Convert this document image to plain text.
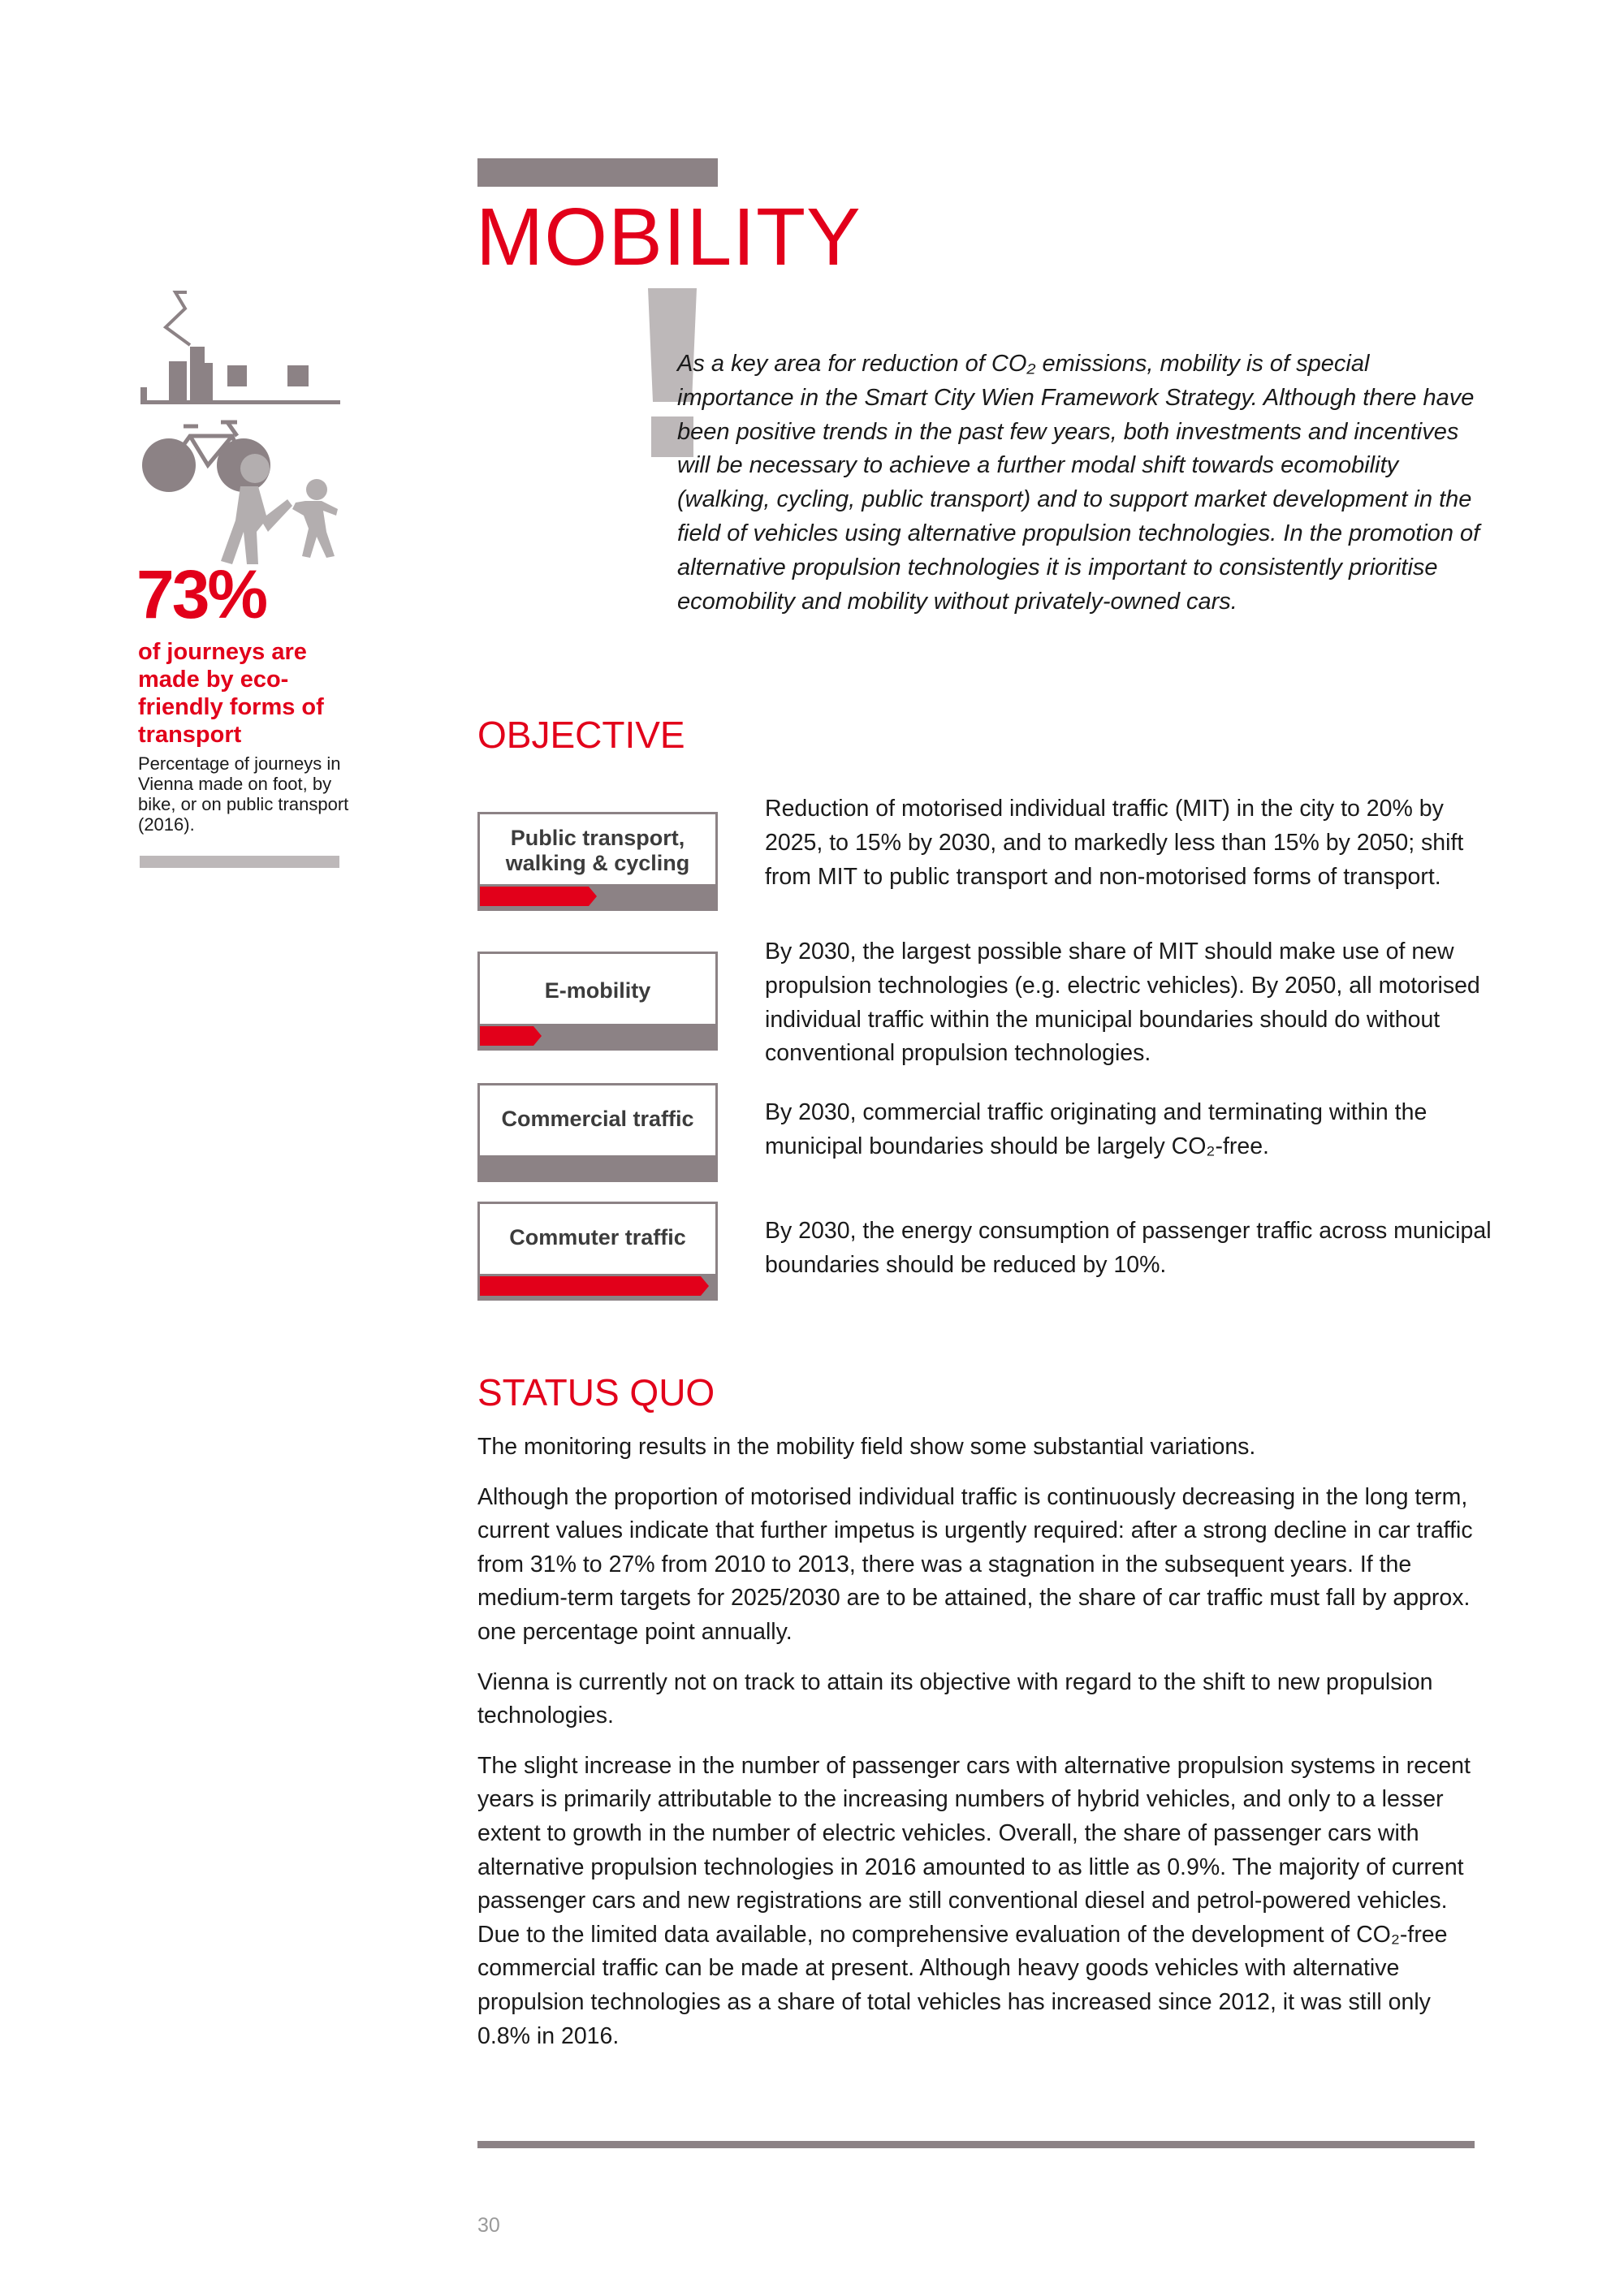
MOBILITY

As a key area for reduction of CO₂ emissions, mobility is of special importance in the Smart City Wien Framework Strategy. Although there have been positive trends in the past few years, both investments and incentives will be necessary to achieve a further modal shift towards ecomobility (walking, cycling, public transport) and to support market development in the field of vehicles using alternative propulsion technologies. In the promotion of alternative propulsion technologies it is important to consistently prioritise ecomobility and mobility without privately-owned cars.

73%
of journeys are made by eco-friendly forms of transport
Percentage of journeys in Vienna made on foot, by bike, or on public transport (2016).
OBJECTIVE
Public transport, walking & cycling

Reduction of motorised individual traffic (MIT) in the city to 20% by 2025, to 15% by 2030, and to markedly less than 15% by 2050; shift from MIT to public transport and non-motorised forms of transport.

E-mobility

By 2030, the largest possible share of MIT should make use of new propulsion technologies (e.g. electric vehicles). By 2050, all motorised individual traffic within the municipal boundaries should do without conventional propulsion technologies.

Commercial traffic	By 2030, commercial traffic originating and terminating within the municipal boundaries should be largely CO₂-free.

Commuter traffic	By 2030, the energy consumption of passenger traffic across municipal boundaries should be reduced by 10%.

STATUS QUO

The monitoring results in the mobility field show some substantial variations.

Although the proportion of motorised individual traffic is continuously decreasing in the long term, current values indicate that further impetus is urgently required: after a strong decline in car traffic from 31% to 27% from 2010 to 2013, there was a stagnation in the subsequent years. If the medium-term targets for 2025/2030 are to be attained, the share of car traffic must fall by approx. one percentage point annually.

Vienna is currently not on track to attain its objective with regard to the shift to new propulsion technologies.

The slight increase in the number of passenger cars with alternative propulsion systems in recent years is primarily attributable to the increasing numbers of hybrid vehicles, and only to a lesser extent to growth in the number of electric vehicles. Overall, the share of passenger cars with alternative propulsion technologies in 2016 amounted to as little as 0.9%. The majority of current passenger cars and new registrations are still conventional diesel and petrol-powered vehicles. Due to the limited data available, no comprehensive evaluation of the development of CO₂-free commercial traffic can be made at present. Although heavy goods vehicles with alternative propulsion technologies as a share of total vehicles has increased since 2012, it was still only 0.8% in 2016.

30
